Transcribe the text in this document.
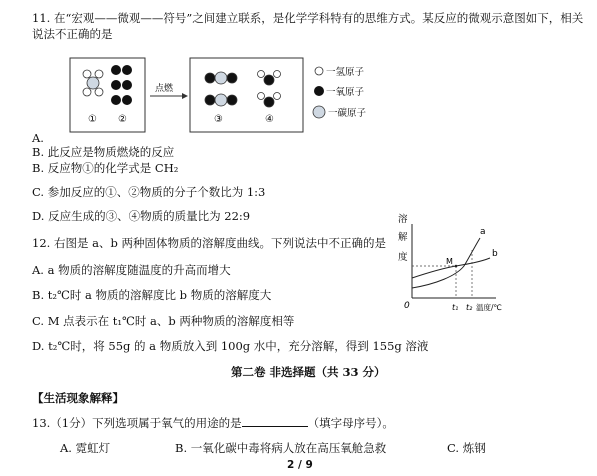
11. 在“宏观——微观——符号”之间建立联系，是化学学科特有的思维方式。某反应的微观示意图如下，相关
说法不正确的是
① ②
点燃
③	④
一氢原子
一氧原子
一碳原子
A.
B. 此反应是物质燃烧的反应
B. 反应物①的化学式是 CH₂
C. 参加反应的①、②物质的分子个数比为 1:3
D. 反应生成的③、④物质的质量比为 22:9
12. 右图是 a、b 两种固体物质的溶解度曲线。下列说法中不正确的是
A. a 物质的溶解度随温度的升高而增大
B. t₂℃时 a 物质的溶解度比 b 物质的溶解度大
C. M 点表示在 t₁℃时 a、b 两种物质的溶解度相等
D. t₂℃时，将 55g 的 a 物质放入到 100g 水中，充分溶解，得到 155g 溶液
溶
解
度	M
a
b
0	t₁ t₂ 温度/℃
第二卷 非选择题（共 33 分）
【生活现象解释】
13.（1分）下列选项属于氧气的用途的是	（填字母序号）。
A. 霓虹灯	B. 一氧化碳中毒将病人放在高压氧舱急救	C. 炼钢
2 / 9
